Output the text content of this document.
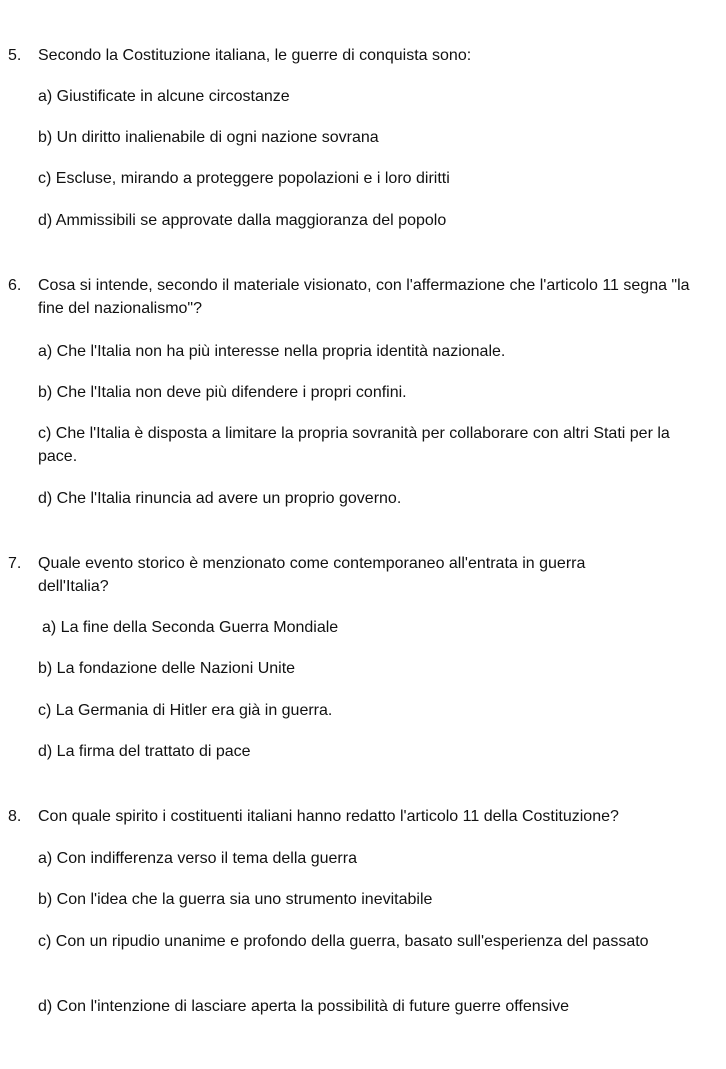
5.	Secondo la Costituzione italiana, le guerre di conquista sono:
a) Giustificate in alcune circostanze
b) Un diritto inalienabile di ogni nazione sovrana
c) Escluse, mirando a proteggere popolazioni e i loro diritti
d) Ammissibili se approvate dalla maggioranza del popolo
6.	Cosa si intende, secondo il materiale visionato, con l'affermazione che l'articolo 11 segna "la fine del nazionalismo"?
a) Che l'Italia non ha più interesse nella propria identità nazionale.
b) Che l'Italia non deve più difendere i propri confini.
c) Che l'Italia è disposta a limitare la propria sovranità per collaborare con altri Stati per la pace.
d) Che l'Italia rinuncia ad avere un proprio governo.
7.	Quale evento storico è menzionato come contemporaneo all'entrata in guerra dell'Italia?
a) La fine della Seconda Guerra Mondiale
b) La fondazione delle Nazioni Unite
c) La Germania di Hitler era già in guerra.
d) La firma del trattato di pace
8.	Con quale spirito i costituenti italiani hanno redatto l'articolo 11 della Costituzione?
a) Con indifferenza verso il tema della guerra
b) Con l'idea che la guerra sia uno strumento inevitabile
c) Con un ripudio unanime e profondo della guerra, basato sull'esperienza del passato
d) Con l'intenzione di lasciare aperta la possibilità di future guerre offensive
